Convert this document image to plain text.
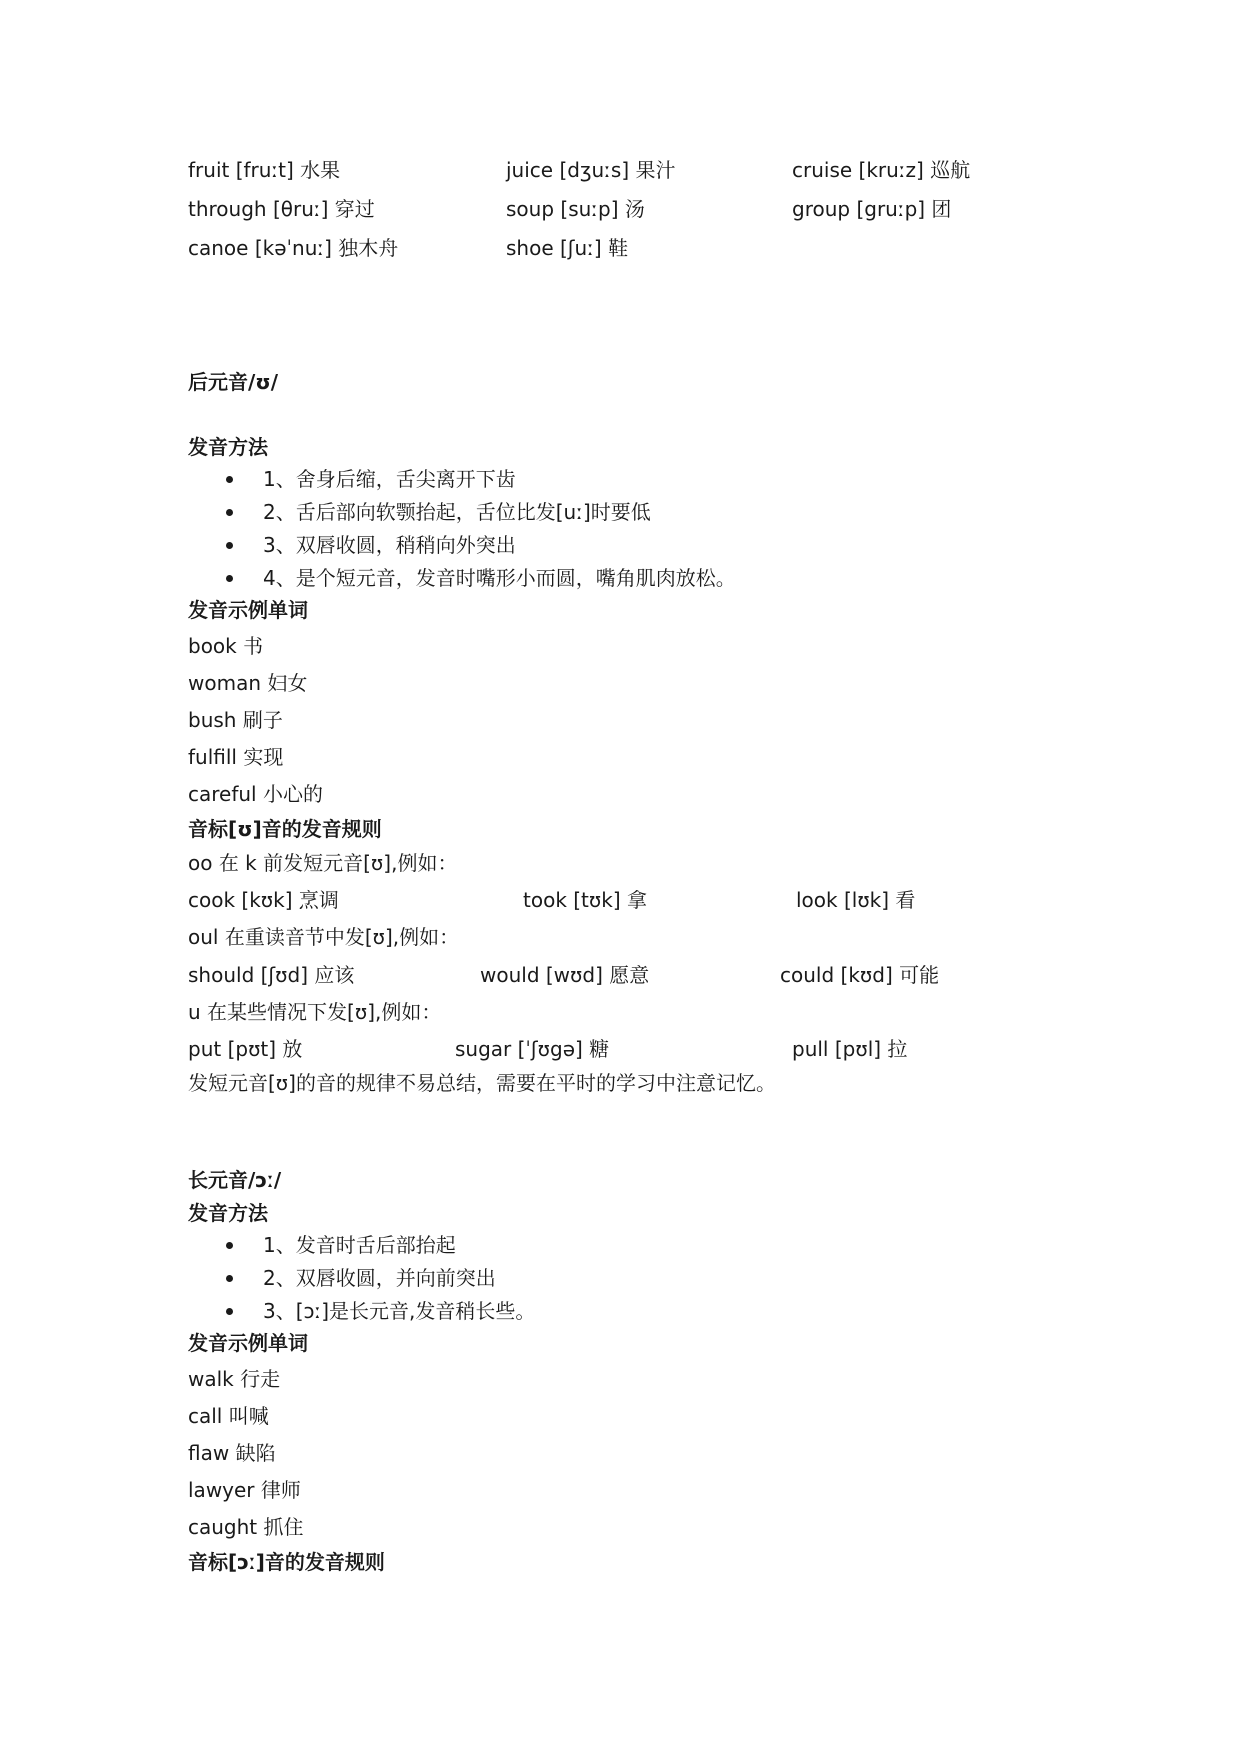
fruit [fruːt] 水果	juice [dʒuːs] 果汁	cruise [kruːz] 巡航
through [θruː] 穿过	soup [suːp] 汤	group [gruːp] 团
canoe [kəˈnuː] 独木舟	shoe [ʃuː] 鞋
后元音/ʊ/
发音方法
1、舍身后缩，舌尖离开下齿
2、舌后部向软颚抬起，舌位比发[uː]时要低
3、双唇收圆，稍稍向外突出
4、是个短元音，发音时嘴形小而圆，嘴角肌肉放松。
发音示例单词
book 书
woman 妇女
bush 刷子
fulfill 实现
careful 小心的
音标[ʊ]音的发音规则
oo 在 k 前发短元音[ʊ],例如：
cook [kʊk] 烹调	took [tʊk] 拿	look [lʊk] 看
oul 在重读音节中发[ʊ],例如：
should [ʃʊd] 应该	would [wʊd] 愿意	could [kʊd] 可能
u 在某些情况下发[ʊ],例如：
put [pʊt] 放	sugar [ˈʃʊgə] 糖	pull [pʊl] 拉
发短元音[ʊ]的音的规律不易总结，需要在平时的学习中注意记忆。
长元音/ɔː/
发音方法
1、发音时舌后部抬起
2、双唇收圆，并向前突出
3、[ɔː]是长元音,发音稍长些。
发音示例单词
walk 行走
call 叫喊
flaw 缺陷
lawyer 律师
caught 抓住
音标[ɔː]音的发音规则
